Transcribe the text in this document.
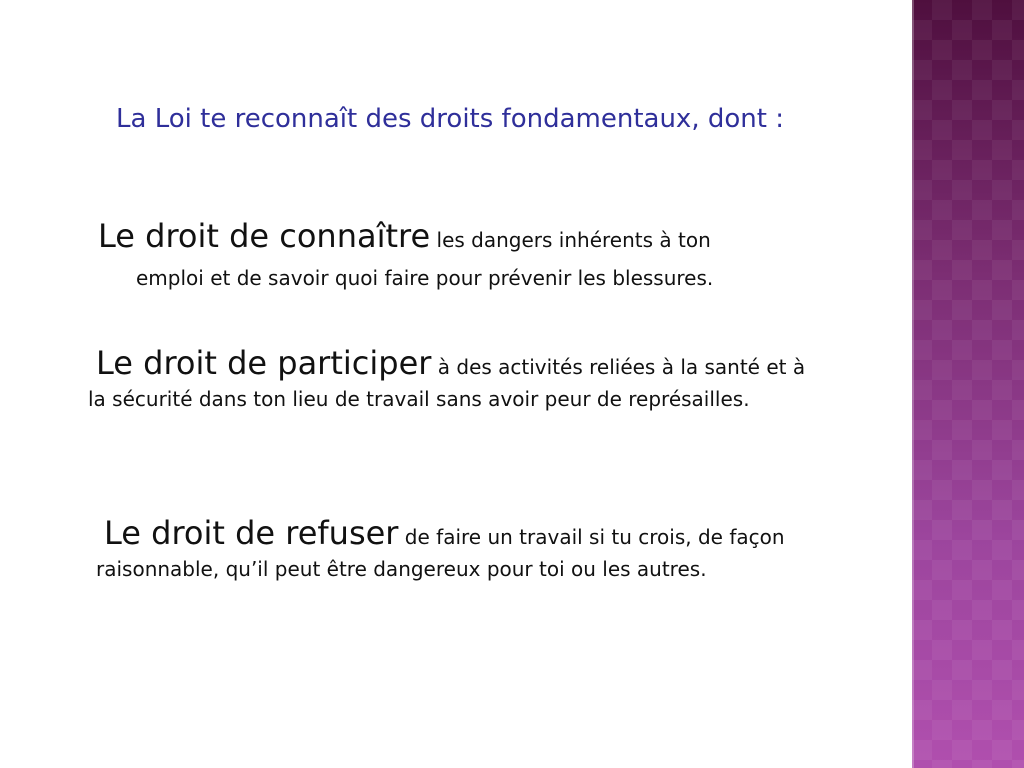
La Loi te reconnaît des droits fondamentaux, dont :

Le droit de connaître les dangers inhérents à ton
emploi et de savoir quoi faire pour prévenir les blessures.

Le droit de participer à des activités reliées à la santé et à la sécurité dans ton lieu de travail sans avoir peur de représailles.

Le droit de refuser de faire un travail si tu crois, de façon raisonnable, qu’il peut être dangereux pour toi ou les autres.
